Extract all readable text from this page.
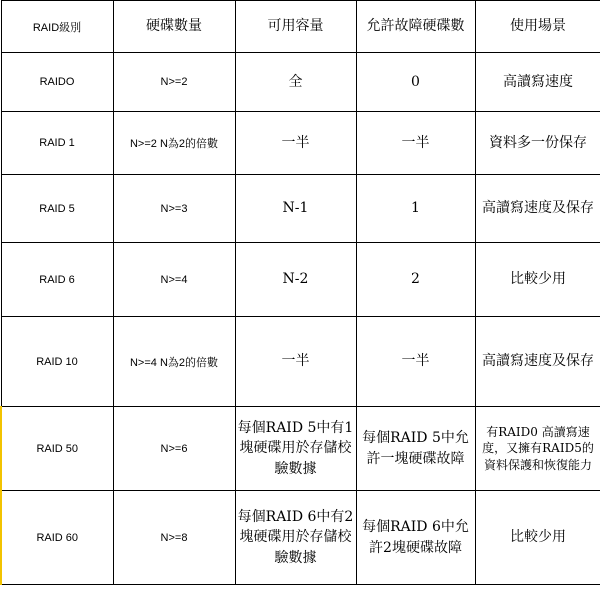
RAID級別	硬碟數量	可用容量	允許故障硬碟數	使用場景
RAIDO	N>=2	全	0	高讀寫速度
RAID 1	N>=2 N為2的倍數	一半	一半	資料多一份保存
RAID 5	N>=3	N-1	1	高讀寫速度及保存
RAID 6	N>=4	N-2	2	比較少用
RAID 10	N>=4 N為2的倍數	一半	一半	高讀寫速度及保存
RAID 50	N>=6	每個RAID 5中有1塊硬碟用於存儲校驗數據	每個RAID 5中允許一塊硬碟故障	有RAID0 高讀寫速度，又擁有RAID5的資料保護和恢復能力
RAID 60	N>=8	每個RAID 6中有2塊硬碟用於存儲校驗數據	每個RAID 6中允許2塊硬碟故障	比較少用
